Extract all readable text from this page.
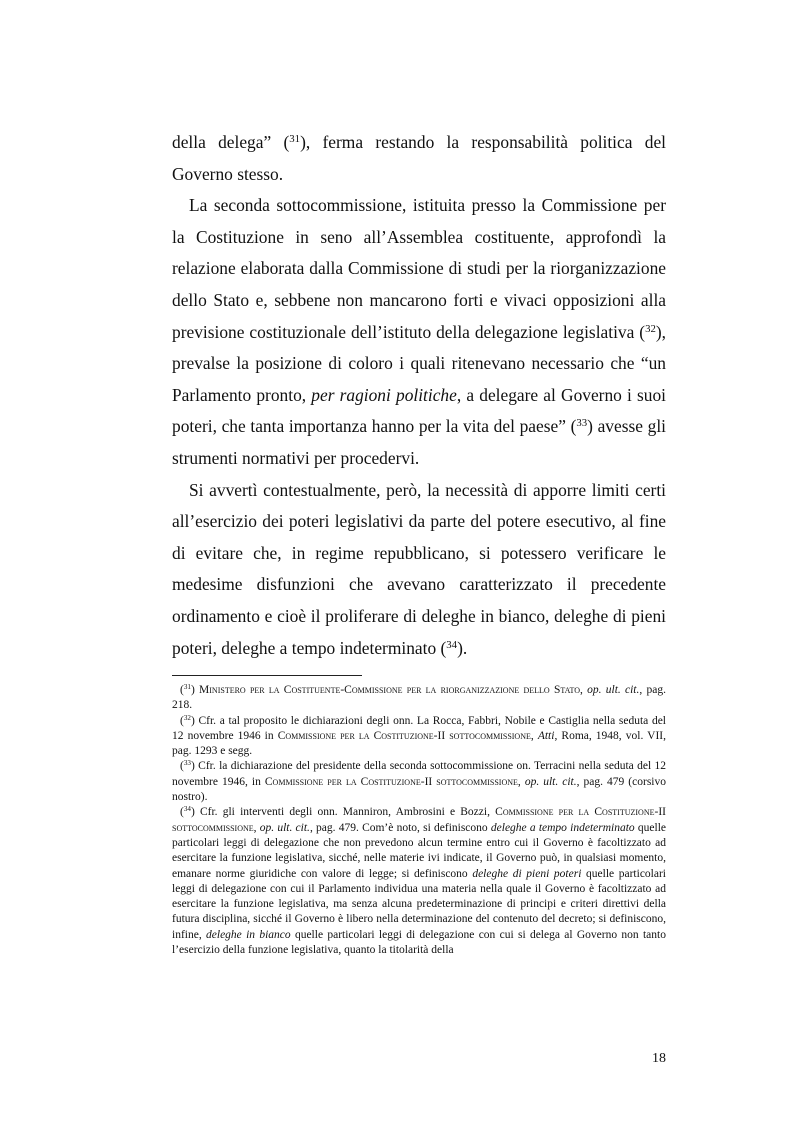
della delega” ($^{31}$), ferma restando la responsabilità politica del Governo stesso.

La seconda sottocommissione, istituita presso la Commissione per la Costituzione in seno all’Assemblea costituente, approfondì la relazione elaborata dalla Commissione di studi per la riorganizzazione dello Stato e, sebbene non mancarono forti e vivaci opposizioni alla previsione costituzionale dell’istituto della delegazione legislativa ($^{32}$), prevalse la posizione di coloro i quali ritenevano necessario che “un Parlamento pronto, per ragioni politiche, a delegare al Governo i suoi poteri, che tanta importanza hanno per la vita del paese” ($^{33}$) avesse gli strumenti normativi per procedervi.

Si avvertì contestualmente, però, la necessità di apporre limiti certi all’esercizio dei poteri legislativi da parte del potere esecutivo, al fine di evitare che, in regime repubblicano, si potessero verificare le medesime disfunzioni che avevano caratterizzato il precedente ordinamento e cioè il proliferare di deleghe in bianco, deleghe di pieni poteri, deleghe a tempo indeterminato ($^{34}$).

($^{31}$) Ministero per la Costituente-Commissione per la riorganizzazione dello Stato, op. ult. cit., pag. 218.

($^{32}$) Cfr. a tal proposito le dichiarazioni degli onn. La Rocca, Fabbri, Nobile e Castiglia nella seduta del 12 novembre 1946 in Commissione per la Costituzione-II sottocommissione, Atti, Roma, 1948, vol. VII, pag. 1293 e segg.

($^{33}$) Cfr. la dichiarazione del presidente della seconda sottocommissione on. Terracini nella seduta del 12 novembre 1946, in Commissione per la Costituzione-II sottocommissione, op. ult. cit., pag. 479 (corsivo nostro).

($^{34}$) Cfr. gli interventi degli onn. Manniron, Ambrosini e Bozzi, Commissione per la Costituzione-II sottocommissione, op. ult. cit., pag. 479. Com’è noto, si definiscono deleghe a tempo indeterminato quelle particolari leggi di delegazione che non prevedono alcun termine entro cui il Governo è facoltizzato ad esercitare la funzione legislativa, sicché, nelle materie ivi indicate, il Governo può, in qualsiasi momento, emanare norme giuridiche con valore di legge; si definiscono deleghe di pieni poteri quelle particolari leggi di delegazione con cui il Parlamento individua una materia nella quale il Governo è facoltizzato ad esercitare la funzione legislativa, ma senza alcuna predeterminazione di principi e criteri direttivi della futura disciplina, sicché il Governo è libero nella determinazione del contenuto del decreto; si definiscono, infine, deleghe in bianco quelle particolari leggi di delegazione con cui si delega al Governo non tanto l’esercizio della funzione legislativa, quanto la titolarità della

18
